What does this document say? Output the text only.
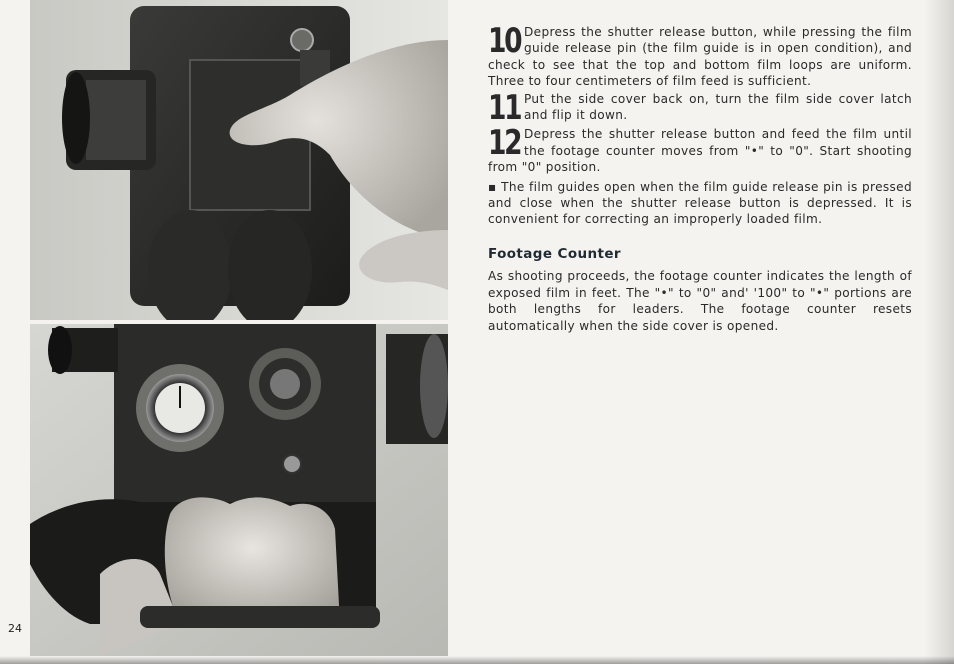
24
10 Depress the shutter release button, while pressing the film guide release pin (the film guide is in open condition), and check to see that the top and bottom film loops are uniform. Three to four centimeters of film feed is sufficient.

11 Put the side cover back on, turn the film side cover latch and flip it down.

12 Depress the shutter release button and feed the film until the footage counter moves from "•" to "0". Start shooting from "0" position.

▪ The film guides open when the film guide release pin is pressed and close when the shutter release button is depressed. It is convenient for correcting an improperly loaded film.

Footage Counter

As shooting proceeds, the footage counter indicates the length of exposed film in feet. The "•" to "0" and' '100" to "•" portions are both lengths for leaders. The footage counter resets automatically when the side cover is opened.
